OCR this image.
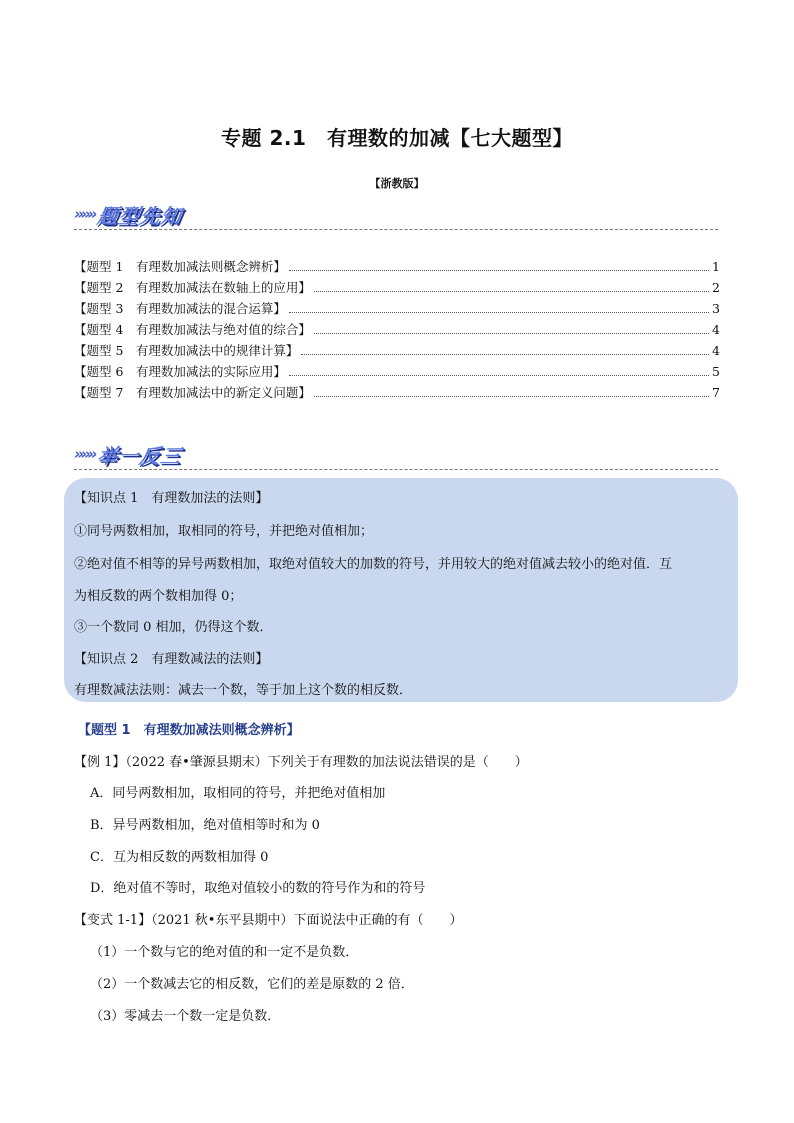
专题 2.1　有理数的加减【七大题型】
【浙教版】
»»» 题型先知
【题型 1　有理数加减法则概念辨析】	1
【题型 2　有理数加减法在数轴上的应用】	2
【题型 3　有理数加减法的混合运算】	3
【题型 4　有理数加减法与绝对值的综合】	4
【题型 5　有理数加减法中的规律计算】	4
【题型 6　有理数加减法的实际应用】	5
【题型 7　有理数加减法中的新定义问题】	7
»»» 举一反三
【知识点 1　有理数加法的法则】
①同号两数相加，取相同的符号，并把绝对值相加；
②绝对值不相等的异号两数相加，取绝对值较大的加数的符号，并用较大的绝对值减去较小的绝对值．互
为相反数的两个数相加得 0；
③一个数同 0 相加，仍得这个数．
【知识点 2　有理数减法的法则】
有理数减法法则：减去一个数，等于加上这个数的相反数．
【题型 1　有理数加减法则概念辨析】
【例 1】（2022 春•肇源县期末）下列关于有理数的加法说法错误的是（　　）
A．同号两数相加，取相同的符号，并把绝对值相加
B．异号两数相加，绝对值相等时和为 0
C．互为相反数的两数相加得 0
D．绝对值不等时，取绝对值较小的数的符号作为和的符号
【变式 1-1】（2021 秋•东平县期中）下面说法中正确的有（　　）
（1）一个数与它的绝对值的和一定不是负数．
（2）一个数减去它的相反数，它们的差是原数的 2 倍．
（3）零减去一个数一定是负数．
